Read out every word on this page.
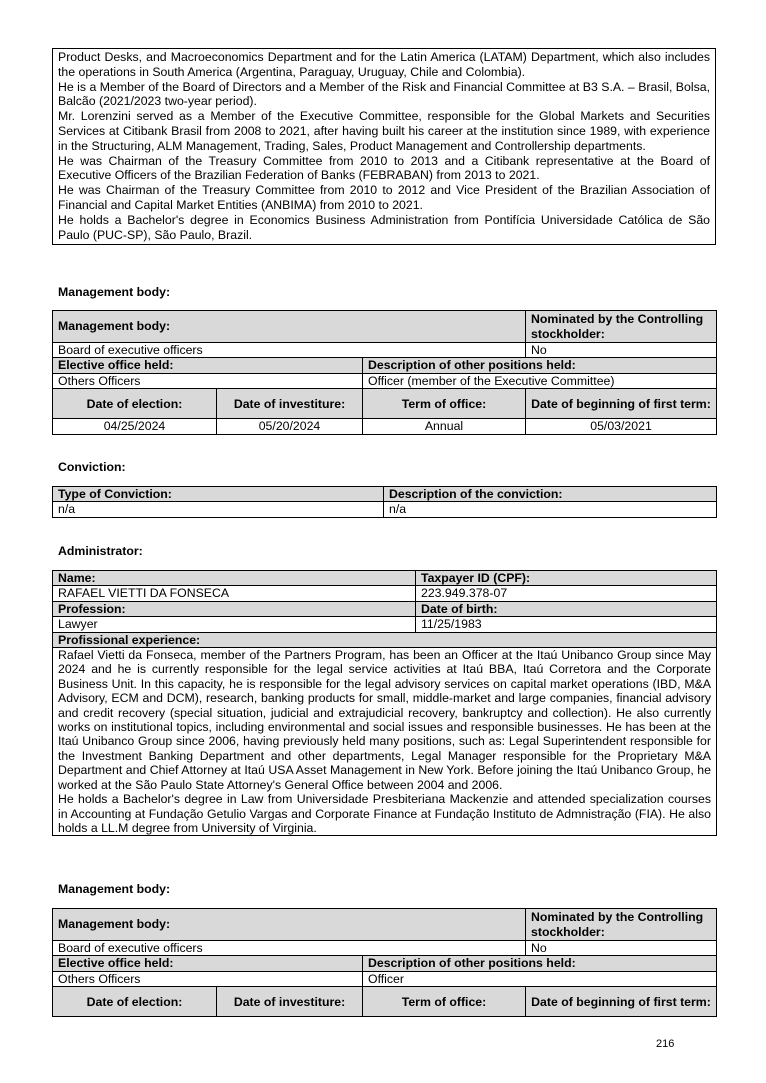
Product Desks, and Macroeconomics Department and for the Latin America (LATAM) Department, which also includes the operations in South America (Argentina, Paraguay, Uruguay, Chile and Colombia).

He is a Member of the Board of Directors and a Member of the Risk and Financial Committee at B3 S.A. – Brasil, Bolsa, Balcão (2021/2023 two-year period).

Mr. Lorenzini served as a Member of the Executive Committee, responsible for the Global Markets and Securities Services at Citibank Brasil from 2008 to 2021, after having built his career at the institution since 1989, with experience in the Structuring, ALM Management, Trading, Sales, Product Management and Controllership departments.

He was Chairman of the Treasury Committee from 2010 to 2013 and a Citibank representative at the Board of Executive Officers of the Brazilian Federation of Banks (FEBRABAN) from 2013 to 2021.

He was Chairman of the Treasury Committee from 2010 to 2012 and Vice President of the Brazilian Association of Financial and Capital Market Entities (ANBIMA) from 2010 to 2021.

He holds a Bachelor's degree in Economics Business Administration from Pontifícia Universidade Católica de São Paulo (PUC-SP), São Paulo, Brazil.

Management body:
Management body:			Nominated by the Controlling stockholder:
Board of executive officers			No
Elective office held:		Description of other positions held:	
Others Officers		Officer (member of the Executive Committee)	
Date of election:	Date of investiture:	Term of office:	Date of beginning of first term:
04/25/2024	05/20/2024	Annual	05/03/2021
Conviction:
Type of Conviction:	Description of the conviction:
n/a	n/a
Administrator:
Name:	Taxpayer ID (CPF):
RAFAEL VIETTI DA FONSECA	223.949.378-07
Profession:	Date of birth:
Lawyer	11/25/1983
Profissional experience:	

Rafael Vietti da Fonseca, member of the Partners Program, has been an Officer at the Itaú Unibanco Group since May 2024 and he is currently responsible for the legal service activities at Itaú BBA, Itaú Corretora and the Corporate Business Unit. In this capacity, he is responsible for the legal advisory services on capital market operations (IBD, M&A Advisory, ECM and DCM), research, banking products for small, middle-market and large companies, financial advisory and credit recovery (special situation, judicial and extrajudicial recovery, bankruptcy and collection). He also currently works on institutional topics, including environmental and social issues and responsible businesses. He has been at the Itaú Unibanco Group since 2006, having previously held many positions, such as: Legal Superintendent responsible for the Investment Banking Department and other departments, Legal Manager responsible for the Proprietary M&A Department and Chief Attorney at Itaú USA Asset Management in New York. Before joining the Itaú Unibanco Group, he worked at the São Paulo State Attorney's General Office between 2004 and 2006.

He holds a Bachelor's degree in Law from Universidade Presbiteriana Mackenzie and attended specialization courses in Accounting at Fundação Getulio Vargas and Corporate Finance at Fundação Instituto de Admnistração (FIA). He also holds a LL.M degree from University of Virginia.	

Management body:
Management body:			Nominated by the Controlling stockholder:
Board of executive officers			No
Elective office held:		Description of other positions held:	
Others Officers		Officer	
Date of election:	Date of investiture:	Term of office:	Date of beginning of first term:
216
